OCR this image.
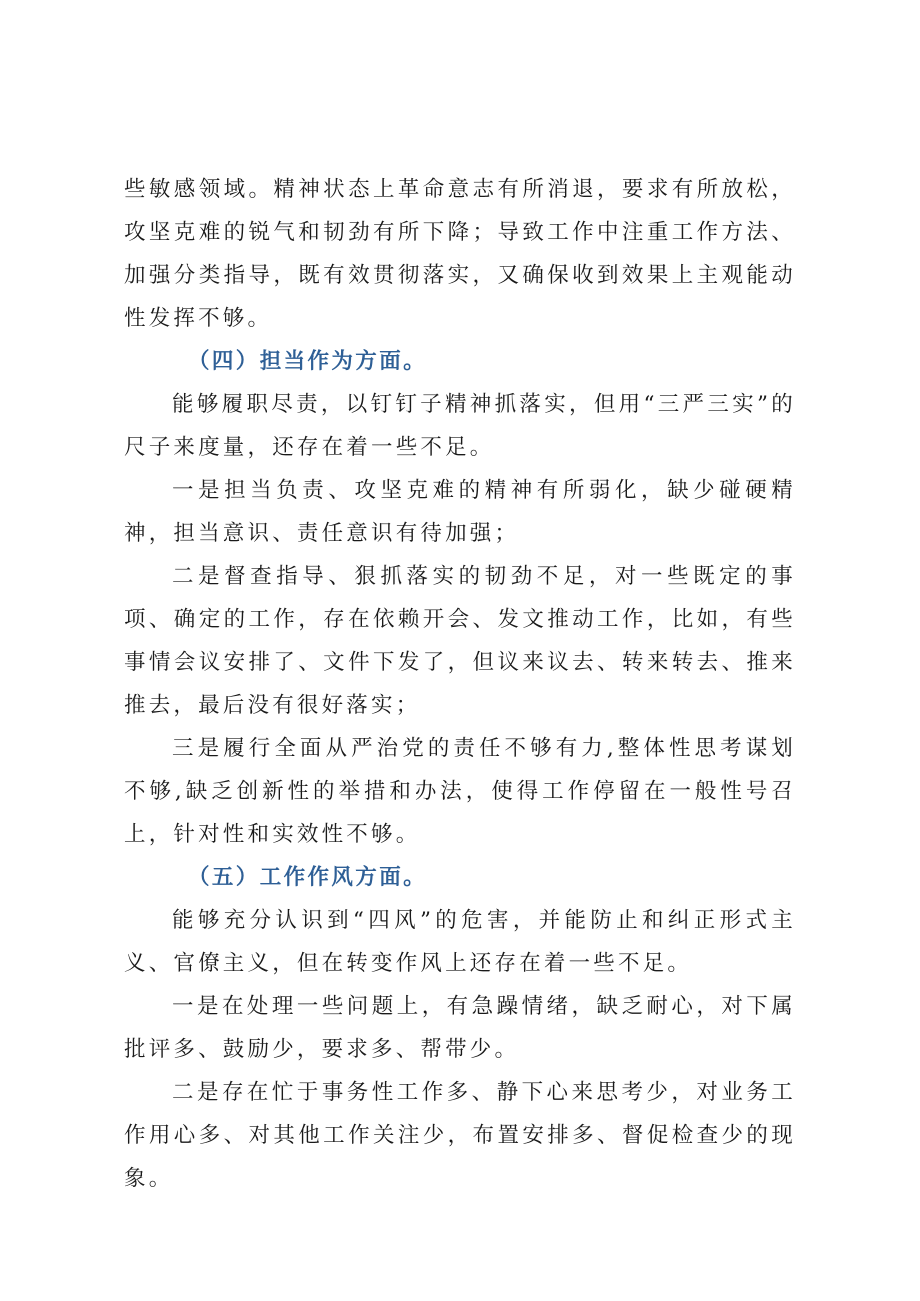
些敏感领域。精神状态上革命意志有所消退，要求有所放松，攻坚克难的锐气和韧劲有所下降；导致工作中注重工作方法、加强分类指导，既有效贯彻落实，又确保收到效果上主观能动性发挥不够。

（四）担当作为方面。

能够履职尽责，以钉钉子精神抓落实，但用“三严三实”的尺子来度量，还存在着一些不足。

一是担当负责、攻坚克难的精神有所弱化，缺少碰硬精神，担当意识、责任意识有待加强；

二是督查指导、狠抓落实的韧劲不足，对一些既定的事项、确定的工作，存在依赖开会、发文推动工作，比如，有些事情会议安排了、文件下发了，但议来议去、转来转去、推来推去，最后没有很好落实；

三是履行全面从严治党的责任不够有力,整体性思考谋划不够,缺乏创新性的举措和办法，使得工作停留在一般性号召上，针对性和实效性不够。

（五）工作作风方面。

能够充分认识到“四风”的危害，并能防止和纠正形式主义、官僚主义，但在转变作风上还存在着一些不足。

一是在处理一些问题上，有急躁情绪，缺乏耐心，对下属批评多、鼓励少，要求多、帮带少。

二是存在忙于事务性工作多、静下心来思考少，对业务工作用心多、对其他工作关注少，布置安排多、督促检查少的现象。
